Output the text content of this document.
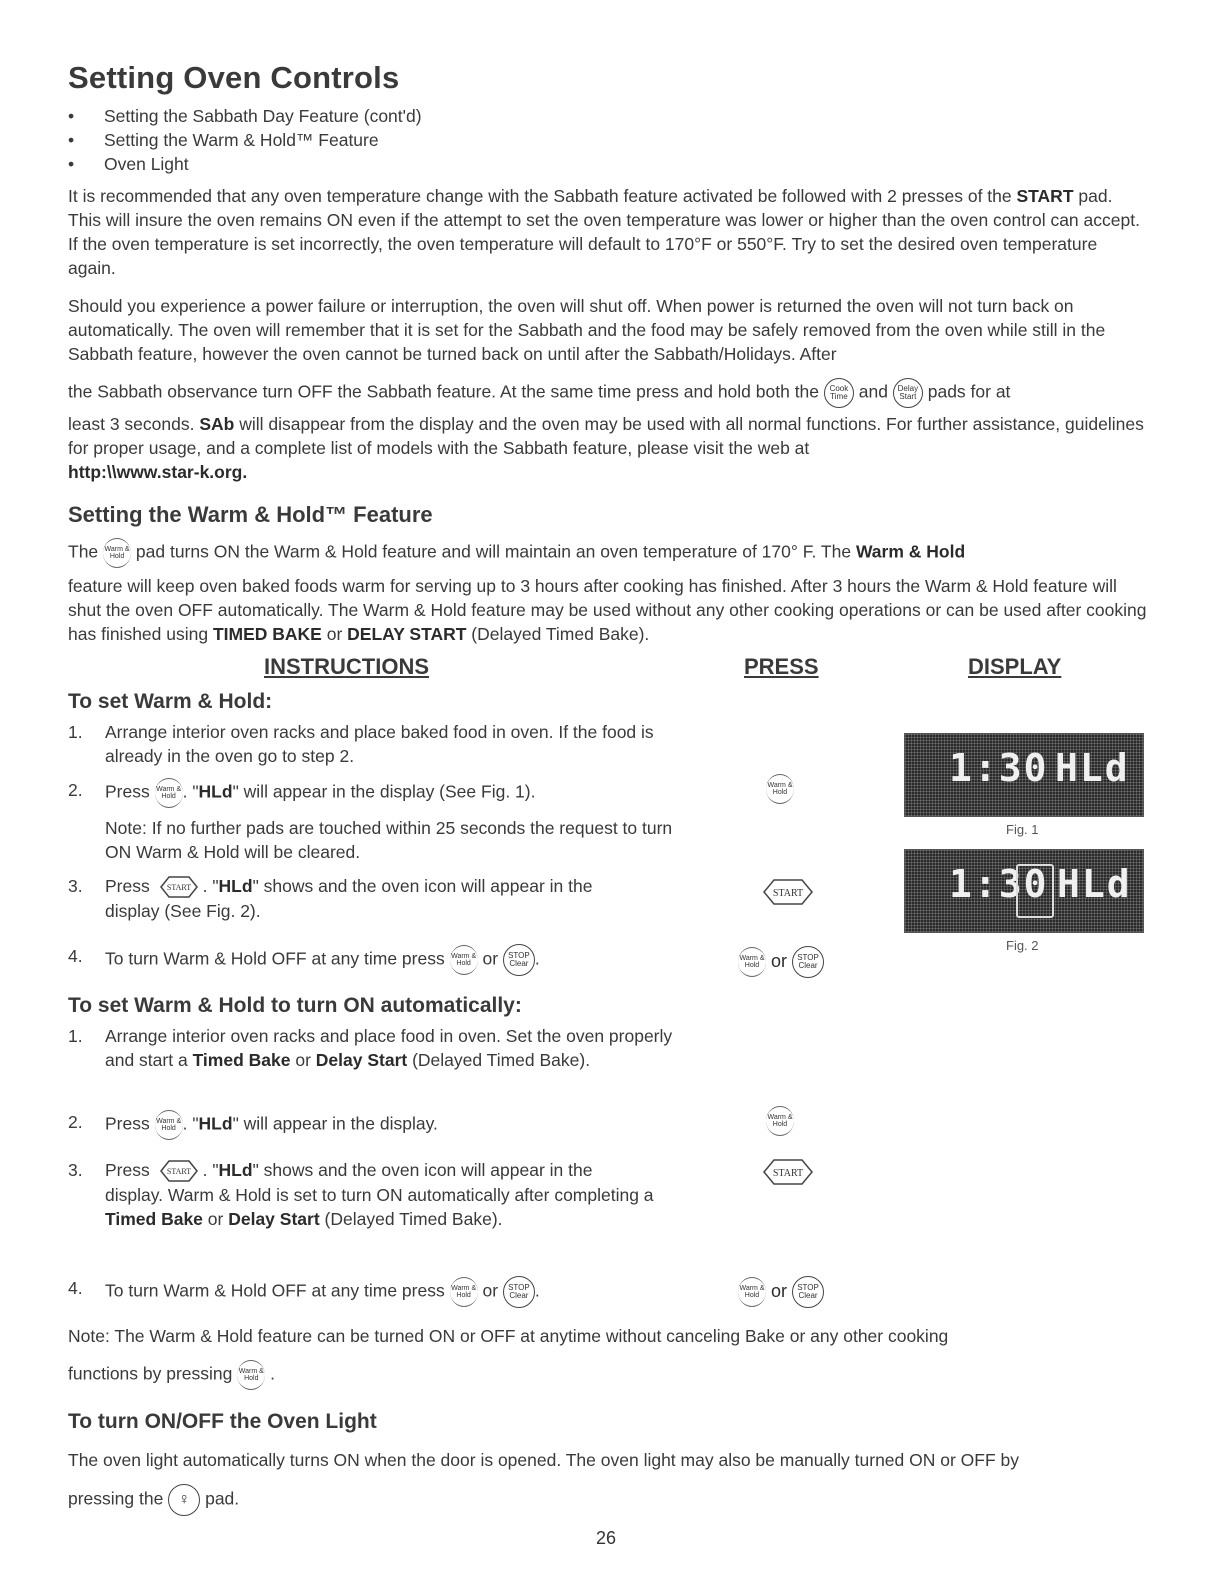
Setting Oven Controls
• Setting the Sabbath Day Feature (cont'd)
• Setting the Warm & Hold™ Feature
• Oven Light
It is recommended that any oven temperature change with the Sabbath feature activated be followed with 2 presses of the START pad. This will insure the oven remains ON even if the attempt to set the oven temperature was lower or higher than the oven control can accept. If the oven temperature is set incorrectly, the oven temperature will default to 170°F or 550°F. Try to set the desired oven temperature again.
Should you experience a power failure or interruption, the oven will shut off. When power is returned the oven will not turn back on automatically. The oven will remember that it is set for the Sabbath and the food may be safely removed from the oven while still in the Sabbath feature, however the oven cannot be turned back on until after the Sabbath/Holidays. After
the Sabbath observance turn OFF the Sabbath feature. At the same time press and hold both the Cook
Time and Delay
Start pads for at
least 3 seconds. SAb will disappear from the display and the oven may be used with all normal functions. For further assistance, guidelines for proper usage, and a complete list of models with the Sabbath feature, please visit the web at
http:\\www.star-k.org.
Setting the Warm & Hold™ Feature
The Warm &
Hold pad turns ON the Warm & Hold feature and will maintain an oven temperature of 170° F. The Warm & Hold
feature will keep oven baked foods warm for serving up to 3 hours after cooking has finished. After 3 hours the Warm & Hold feature will shut the oven OFF automatically. The Warm & Hold feature may be used without any other cooking operations or can be used after cooking has finished using TIMED BAKE or DELAY START (Delayed Timed Bake).
INSTRUCTIONS	PRESS	DISPLAY
To set Warm & Hold:
1. Arrange interior oven racks and place baked food in oven. If the food is already in the oven go to step 2.
2. Press Warm &
Hold . "HLd" will appear in the display (See Fig. 1).
Note: If no further pads are touched within 25 seconds the request to turn ON Warm & Hold will be cleared.
3. Press START . "HLd" shows and the oven icon will appear in the
display (See Fig. 2).
4. To turn Warm & Hold OFF at any time press Warm &
Hold or STOP
Clear .
Warm &
Hold
START
Warm &
Hold or STOP
Clear
1:30 HLd
Fig. 1
1:30 HLd
Fig. 2
To set Warm & Hold to turn ON automatically:
1. Arrange interior oven racks and place food in oven. Set the oven properly and start a Timed Bake or Delay Start (Delayed Timed Bake).
2. Press Warm &
Hold . "HLd" will appear in the display.
3. Press START . "HLd" shows and the oven icon will appear in the
display. Warm & Hold is set to turn ON automatically after completing a Timed Bake or Delay Start (Delayed Timed Bake).
4. To turn Warm & Hold OFF at any time press Warm &
Hold or STOP
Clear .
Warm &
Hold
START
Warm &
Hold or STOP
Clear
Note: The Warm & Hold feature can be turned ON or OFF at anytime without canceling Bake or any other cooking
functions by pressing Warm &
Hold .
To turn ON/OFF the Oven Light
The oven light automatically turns ON when the door is opened. The oven light may also be manually turned ON or OFF by
pressing the ♀ pad.
26
